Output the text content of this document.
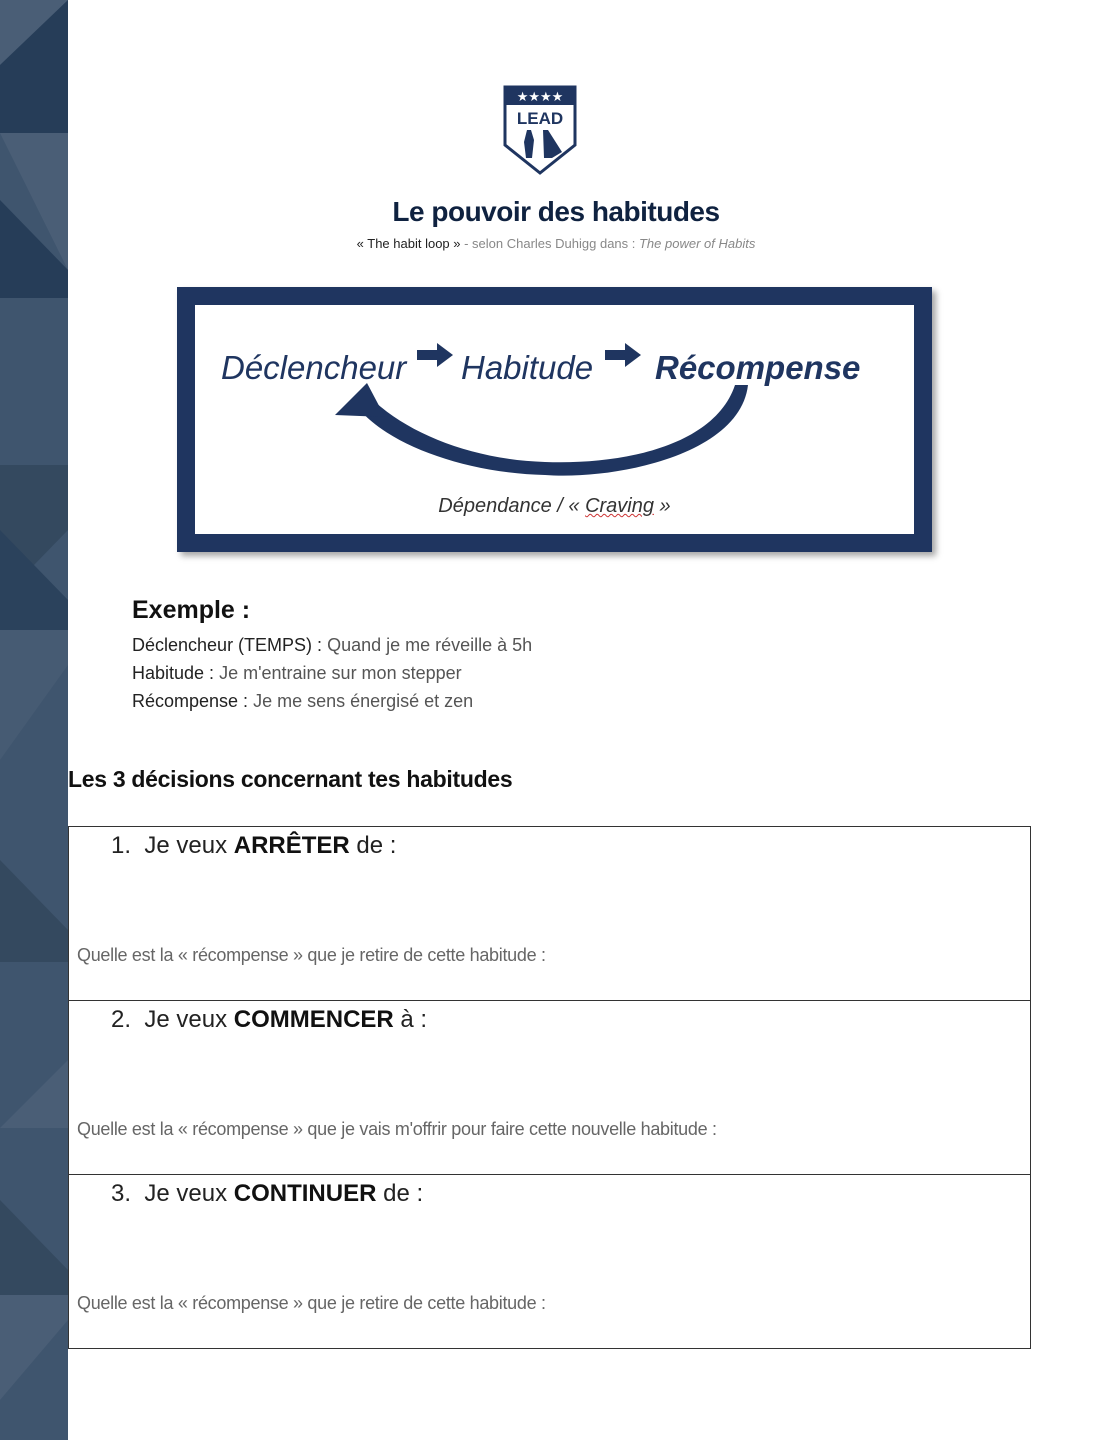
★★★★
LEAD
Le pouvoir des habitudes
« The habit loop » - selon Charles Duhigg dans : The power of Habits
Déclencheur Habitude Récompense
Dépendance / « Craving »
Exemple :
Déclencheur (TEMPS) : Quand je me réveille à 5h
Habitude : Je m'entraine sur mon stepper
Récompense : Je me sens énergisé et zen
Les 3 décisions concernant tes habitudes
1. Je veux ARRÊTER de :
Quelle est la « récompense » que je retire de cette habitude :
2. Je veux COMMENCER à :
Quelle est la « récompense » que je vais m'offrir pour faire cette nouvelle habitude :
3. Je veux CONTINUER de :
Quelle est la « récompense » que je retire de cette habitude :
